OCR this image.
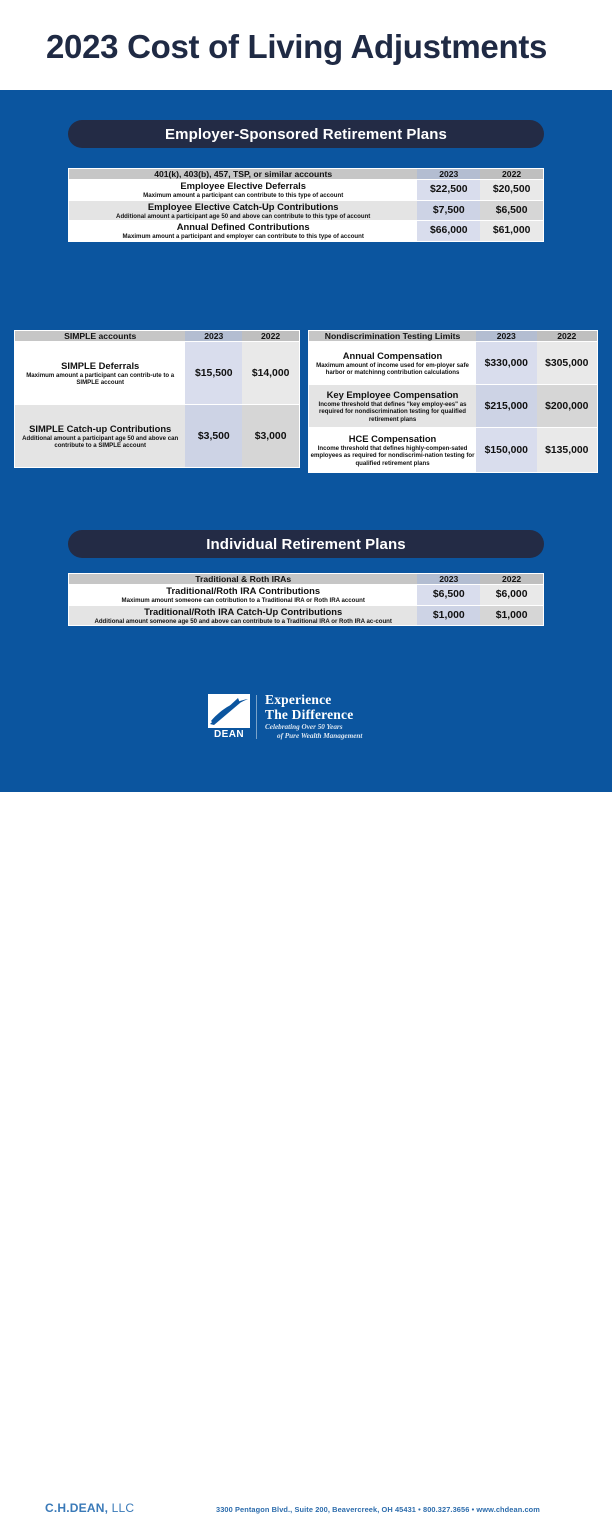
2023 Cost of Living Adjustments
Employer-Sponsored Retirement Plans
401(k), 403(b), 457, TSP, or similar accounts	2023	2022

Employee Elective Deferrals
Maximum amount a participant can contribute to this type of account	$22,500	$20,500

Employee Elective Catch-Up Contributions
Additional amount a participant age 50 and above can contribute to this type of account	$7,500	$6,500

Annual Defined Contributions
Maximum amount a participant and employer can contribute to this type of account	$66,000	$61,000
SIMPLE accounts	2023	2022

SIMPLE Deferrals
Maximum amount a participant can contrib-ute to a SIMPLE account	$15,500	$14,000

SIMPLE Catch-up Contributions
Additional amount a participant age 50 and above can contribute to a SIMPLE account	$3,500	$3,000
Nondiscrimination Testing Limits	2023	2022

Annual Compensation
Maximum amount of income used for em-ployer safe harbor or matchinng contribution calculations	$330,000	$305,000

Key Employee Compensation
Income threshold that defines "key employ-ees" as required for nondiscrimination testing for qualified retirement plans	$215,000	$200,000

HCE Compensation
Income threshold that defines highly-compen-sated employees as required for nondiscrimi-nation testing for qualified retirement plans	$150,000	$135,000
Individual Retirement Plans
Traditional & Roth IRAs	2023	2022

Traditional/Roth IRA Contributions
Maximum amount someone can cotribution to a Traditional IRA or Roth IRA account	$6,500	$6,000

Traditional/Roth IRA Catch-Up Contributions
Additional amount someone age 50 and above can contribute to a Traditional IRA or Roth IRA ac-count	$1,000	$1,000
DEAN
Experience
The Difference
Celebrating Over 50 Years
of Pure Wealth Management
C.H.DEAN, LLC	3300 Pentagon Blvd., Suite 200, Beavercreek, OH 45431 • 800.327.3656 • www.chdean.com
